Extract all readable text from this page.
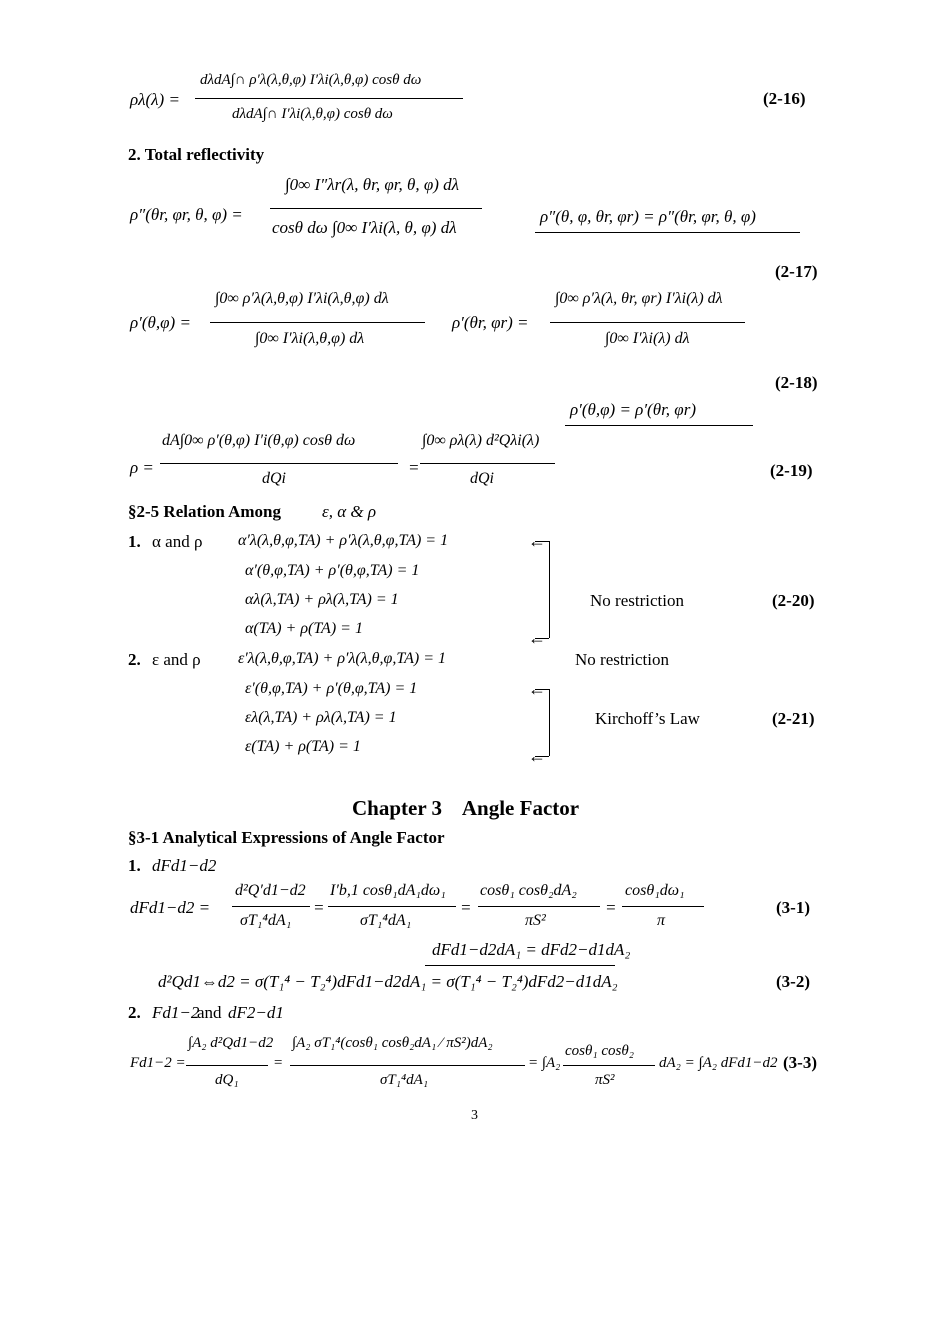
ρλ(λ) =
dλdA∫∩ ρ′λ(λ,θ,φ) I′λi(λ,θ,φ) cosθ dω
dλdA∫∩ I′λi(λ,θ,φ) cosθ dω
(2-16)
2. Total reflectivity
ρ″(θr, φr, θ, φ) =
∫0∞ I″λr(λ, θr, φr, θ, φ) dλ
cosθ dω ∫0∞ I′λi(λ, θ, φ) dλ
ρ″(θ, φ, θr, φr) = ρ″(θr, φr, θ, φ)
(2-17)
ρ′(θ,φ) =
∫0∞ ρ′λ(λ,θ,φ) I′λi(λ,θ,φ) dλ
∫0∞ I′λi(λ,θ,φ) dλ
ρ′(θr, φr) =
∫0∞ ρ′λ(λ, θr, φr) I′λi(λ) dλ
∫0∞ I′λi(λ) dλ
(2-18)
ρ′(θ,φ) = ρ′(θr, φr)
ρ =
dA∫0∞ ρ′(θ,φ) I′i(θ,φ) cosθ dω
dQi
=
∫0∞ ρλ(λ) d²Qλi(λ)
dQi	(2-19)
§2-5 Relation Among ε, α & ρ
1. α and ρ α′λ(λ,θ,φ,TA) + ρ′λ(λ,θ,φ,TA) = 1
α′(θ,φ,TA) + ρ′(θ,φ,TA) = 1
αλ(λ,TA) + ρλ(λ,TA) = 1
α(TA) + ρ(TA) = 1
←
←
No restriction	(2-20)
2. ε and ρ ε′λ(λ,θ,φ,TA) + ρ′λ(λ,θ,φ,TA) = 1	No restriction
ε′(θ,φ,TA) + ρ′(θ,φ,TA) = 1
ελ(λ,TA) + ρλ(λ,TA) = 1
ε(TA) + ρ(TA) = 1
←
←
Kirchoff’s Law	(2-21)
Chapter 3    Angle Factor
§3-1 Analytical Expressions of Angle Factor
1. dFd1−d2
dFd1−d2 =
d²Q′d1−d2
σT₁⁴dA₁
=
I′b,1 cosθ₁dA₁dω₁
σT₁⁴dA₁
=
cosθ₁ cosθ₂dA₂
πS²
=
cosθ₁dω₁
π
(3-1)
dFd1−d2dA₁ = dFd2−d1dA₂
d²Qd1⇔d2 = σ(T₁⁴ − T₂⁴)dFd1−d2dA₁ = σ(T₁⁴ − T₂⁴)dFd2−d1dA₂	(3-2)
2. Fd1−2
and dF2−d1
Fd1−2 =
∫A₂ d²Qd1−d2
dQ₁
=
∫A₂ σT₁⁴(cosθ₁ cosθ₂dA₁ ⁄ πS²)dA₂
σT₁⁴dA₁
= ∫A₂
cosθ₁ cosθ₂
πS²
dA₂ = ∫A₂ dFd1−d2 (3-3)
3
